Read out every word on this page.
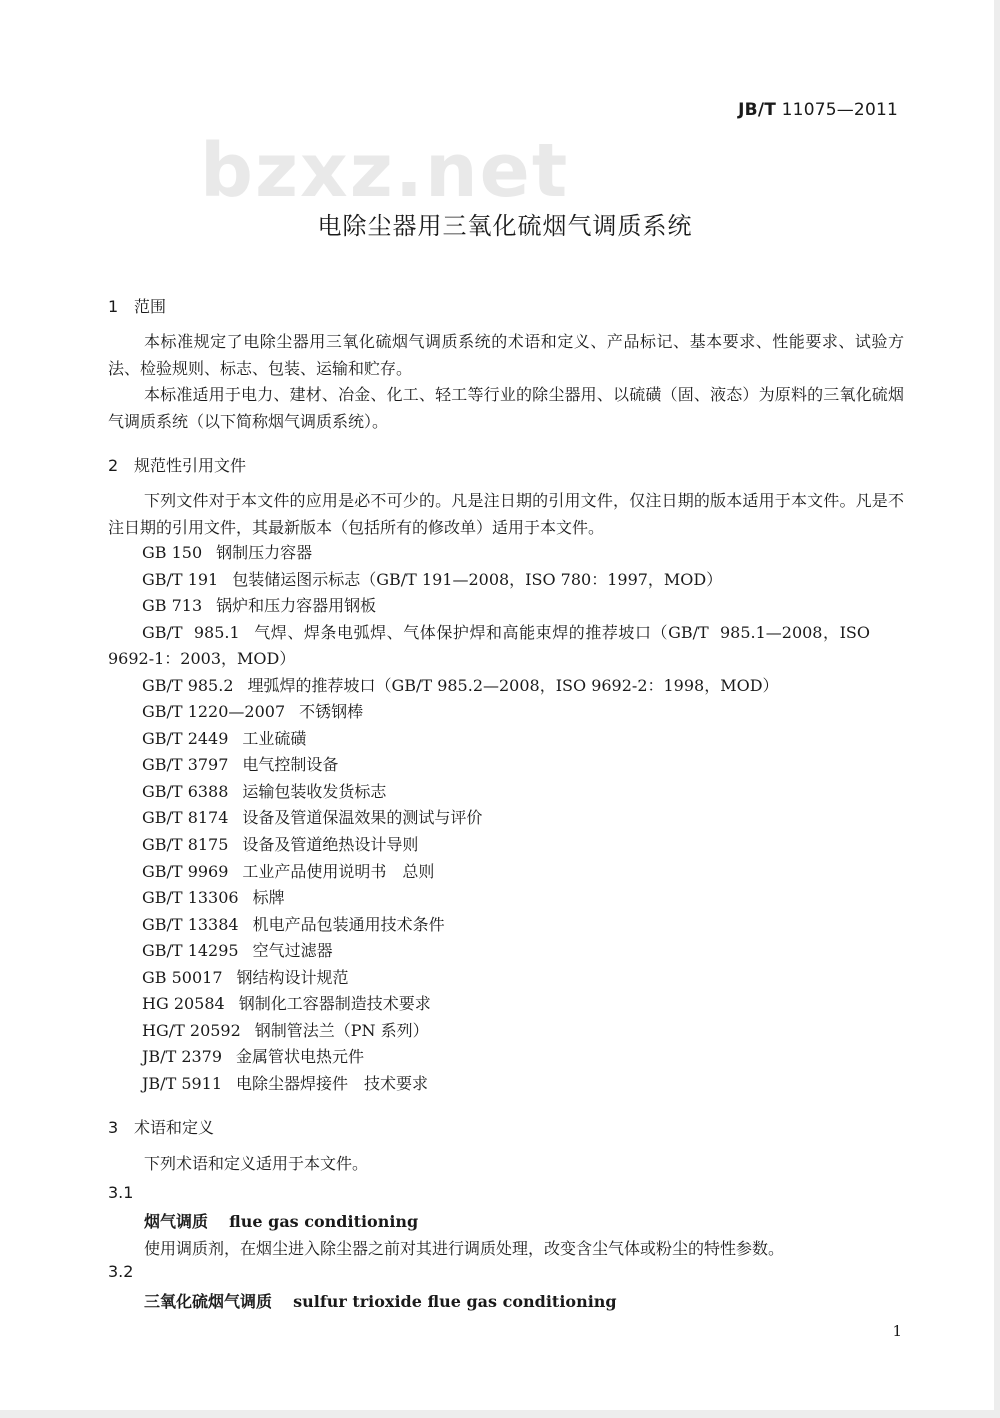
JB/T 11075—2011
bzxz.net
电除尘器用三氧化硫烟气调质系统
1 范围
本标准规定了电除尘器用三氧化硫烟气调质系统的术语和定义、产品标记、基本要求、性能要求、试验方法、检验规则、标志、包装、运输和贮存。
本标准适用于电力、建材、冶金、化工、轻工等行业的除尘器用、以硫磺（固、液态）为原料的三氧化硫烟气调质系统（以下简称烟气调质系统）。
2 规范性引用文件
下列文件对于本文件的应用是必不可少的。凡是注日期的引用文件，仅注日期的版本适用于本文件。凡是不注日期的引用文件，其最新版本（包括所有的修改单）适用于本文件。
GB 150 钢制压力容器
GB/T 191 包装储运图示标志（GB/T 191—2008，ISO 780：1997，MOD）
GB 713 锅炉和压力容器用钢板
GB/T  985.1 气焊、焊条电弧焊、气体保护焊和高能束焊的推荐坡口（GB/T  985.1—2008，ISO 9692-1：2003，MOD）
GB/T 985.2 埋弧焊的推荐坡口（GB/T 985.2—2008，ISO 9692-2：1998，MOD）
GB/T 1220—2007 不锈钢棒
GB/T 2449 工业硫磺
GB/T 3797 电气控制设备
GB/T 6388 运输包装收发货标志
GB/T 8174 设备及管道保温效果的测试与评价
GB/T 8175 设备及管道绝热设计导则
GB/T 9969 工业产品使用说明书　总则
GB/T 13306 标牌
GB/T 13384 机电产品包装通用技术条件
GB/T 14295 空气过滤器
GB 50017 钢结构设计规范
HG 20584 钢制化工容器制造技术要求
HG/T 20592 钢制管法兰（PN 系列）
JB/T 2379 金属管状电热元件
JB/T 5911 电除尘器焊接件　技术要求
3 术语和定义
下列术语和定义适用于本文件。
3.1
烟气调质　 flue gas conditioning
使用调质剂，在烟尘进入除尘器之前对其进行调质处理，改变含尘气体或粉尘的特性参数。
3.2
三氧化硫烟气调质　 sulfur trioxide flue gas conditioning
1
